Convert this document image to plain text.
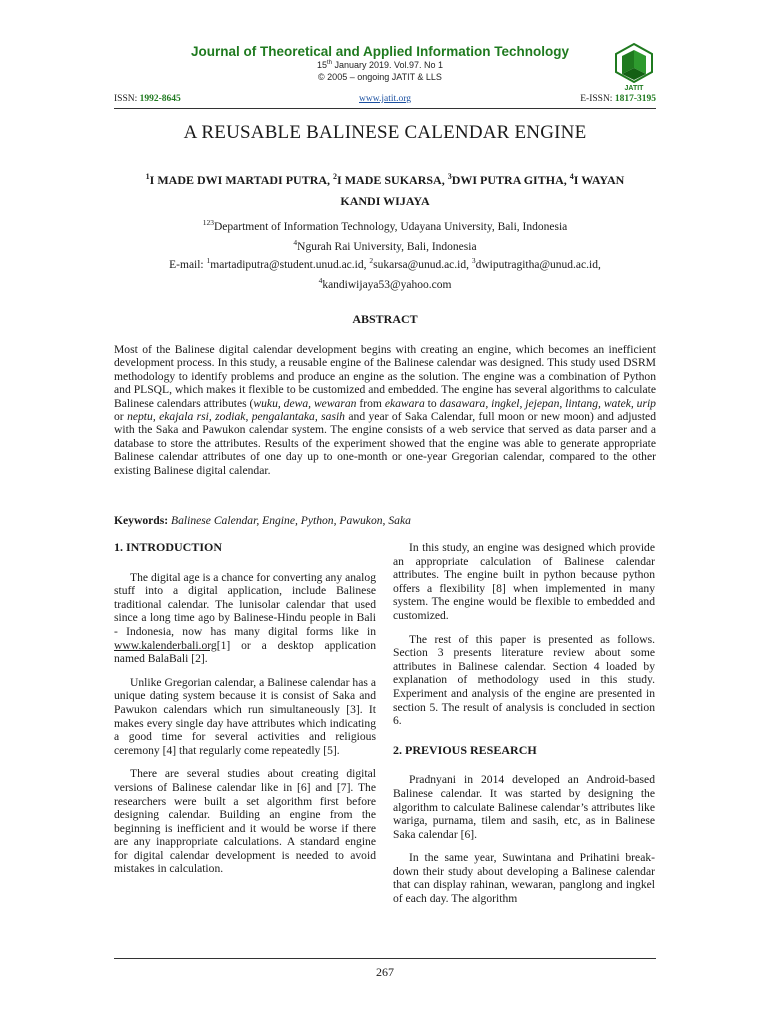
Journal of Theoretical and Applied Information Technology
15th January 2019. Vol.97. No 1
© 2005 – ongoing JATIT & LLS
JATIT
www.jatit.org
ISSN: 1992-8645	E-ISSN: 1817-3195
A REUSABLE BALINESE CALENDAR ENGINE
$^1$I MADE DWI MARTADI PUTRA, $^2$I MADE SUKARSA, $^3$DWI PUTRA GITHA, $^4$I WAYAN
KANDI WIJAYA
$^{123}$Department of Information Technology, Udayana University, Bali, Indonesia
$^4$Ngurah Rai University, Bali, Indonesia
E-mail: $^1$martadiputra@student.unud.ac.id, $^2$sukarsa@unud.ac.id, $^3$dwiputragitha@unud.ac.id,
$^4$kandiwijaya53@yahoo.com
ABSTRACT
Most of the Balinese digital calendar development begins with creating an engine, which becomes an inefficient development process. In this study, a reusable engine of the Balinese calendar was designed. This study used DSRM methodology to identify problems and produce an engine as the solution. The engine was a combination of Python and PLSQL, which makes it flexible to be customized and embedded. The engine has several algorithms to calculate Balinese calendars attributes (wuku, dewa, wewaran from ekawara to dasawara, ingkel, jejepan, lintang, watek, urip or neptu, ekajala rsi, zodiak, pengalantaka, sasih and year of Saka Calendar, full moon or new moon) and adjusted with the Saka and Pawukon calendar system. The engine consists of a web service that served as data parser and a database to store the attributes. Results of the experiment showed that the engine was able to generate appropriate Balinese calendar attributes of one day up to one-month or one-year Gregorian calendar, compared to the other existing Balinese digital calendar.
Keywords: Balinese Calendar, Engine, Python, Pawukon, Saka
1. INTRODUCTION

The digital age is a chance for converting any analog stuff into a digital application, include Balinese traditional calendar. The lunisolar calendar that used since a long time ago by Balinese-Hindu people in Bali - Indonesia, now has many digital forms like in www.kalenderbali.org[1] or a desktop application named BalaBali [2].

Unlike Gregorian calendar, a Balinese calendar has a unique dating system because it is consist of Saka and Pawukon calendars which run simultaneously [3]. It makes every single day have attributes which indicating a good time for several activities and religious ceremony [4] that regularly come repeatedly [5].

There are several studies about creating digital versions of Balinese calendar like in [6] and [7]. The researchers were built a set algorithm first before designing calendar. Building an engine from the beginning is inefficient and it would be worse if there are any inappropriate calculations. A standard engine for digital calendar development is needed to avoid mistakes in calculation.

In this study, an engine was designed which provide an appropriate calculation of Balinese calendar attributes. The engine built in python because python offers a flexibility [8] when implemented in many system. The engine would be flexible to embedded and customized.

The rest of this paper is presented as follows. Section 3 presents literature review about some attributes in Balinese calendar. Section 4 loaded by explanation of methodology used in this study. Experiment and analysis of the engine are presented in section 5. The result of analysis is concluded in section 6.

2. PREVIOUS RESEARCH

Pradnyani in 2014 developed an Android-based Balinese calendar. It was started by designing the algorithm to calculate Balinese calendar’s attributes like wariga, purnama, tilem and sasih, etc, as in Balinese Saka calendar [6].

In the same year, Suwintana and Prihatini break-down their study about developing a Balinese calendar that can display rahinan, wewaran, panglong and ingkel of each day. The algorithm

267
